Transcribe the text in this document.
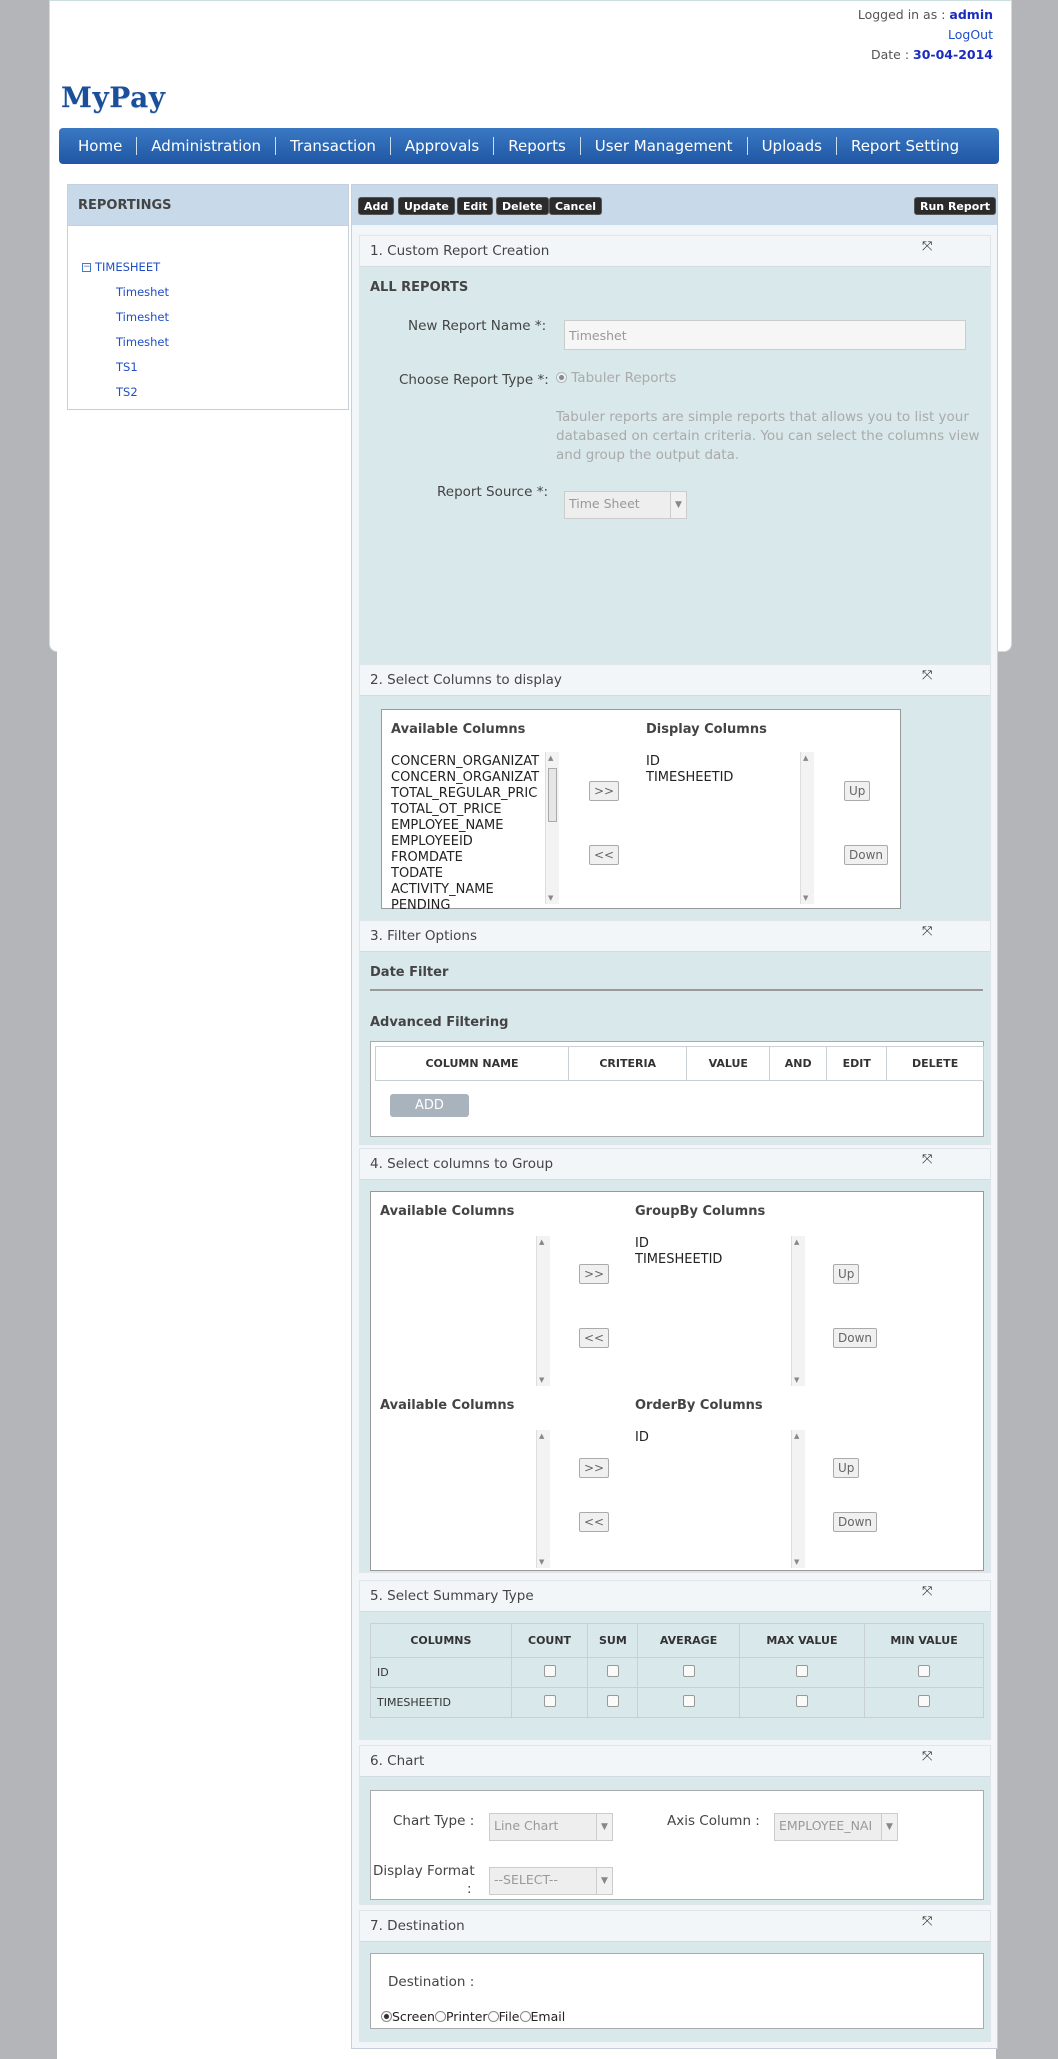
Logged in as : admin
LogOut
Date : 30-04-2014
MyPay
Home	Administration	Transaction	Approvals	Reports	User Management	Uploads	Report Setting
REPORTINGS
− TIMESHEET
Timeshet
Timeshet
Timeshet
TS1
TS2
Add	Update	Edit	Delete	Cancel	Run Report
1. Custom Report Creation	⤧
ALL REPORTS
New Report Name *:
Timeshet
Choose Report Type *:	Tabuler Reports
Tabuler reports are simple reports that allows you to list your databased on certain criteria. You can select the columns view and group the output data.
Report Source *:
Time Sheet	▼
2. Select Columns to display	⤧
Available Columns	Display Columns
CONCERN_ORGANIZAT
CONCERN_ORGANIZAT
TOTAL_REGULAR_PRIC
TOTAL_OT_PRICE
EMPLOYEE_NAME
EMPLOYEEID
FROMDATE
TODATE
ACTIVITY_NAME
PENDING
▲
▼
>>
<<
ID
TIMESHEETID
▲
▼
Up
Down
3. Filter Options	⤧
Date Filter
Advanced Filtering
COLUMN NAME	CRITERIA	VALUE	AND	EDIT	DELETE
ADD
4. Select columns to Group	⤧
Available Columns	GroupBy Columns
▲
▼
>>
<<
ID
TIMESHEETID
▲
▼
Up
Down
Available Columns	OrderBy Columns
▲
▼
>>
<<
ID	▲
▼
Up
Down
5. Select Summary Type	⤧
COLUMNS	COUNT	SUM	AVERAGE	MAX VALUE	MIN VALUE
ID					
TIMESHEETID					
6. Chart	⤧
Chart Type :	Line Chart	▼	Axis Column :	EMPLOYEE_NAI	▼
Display Format
:
--SELECT--	▼
7. Destination	⤧
Destination :
Screen Printer File Email
